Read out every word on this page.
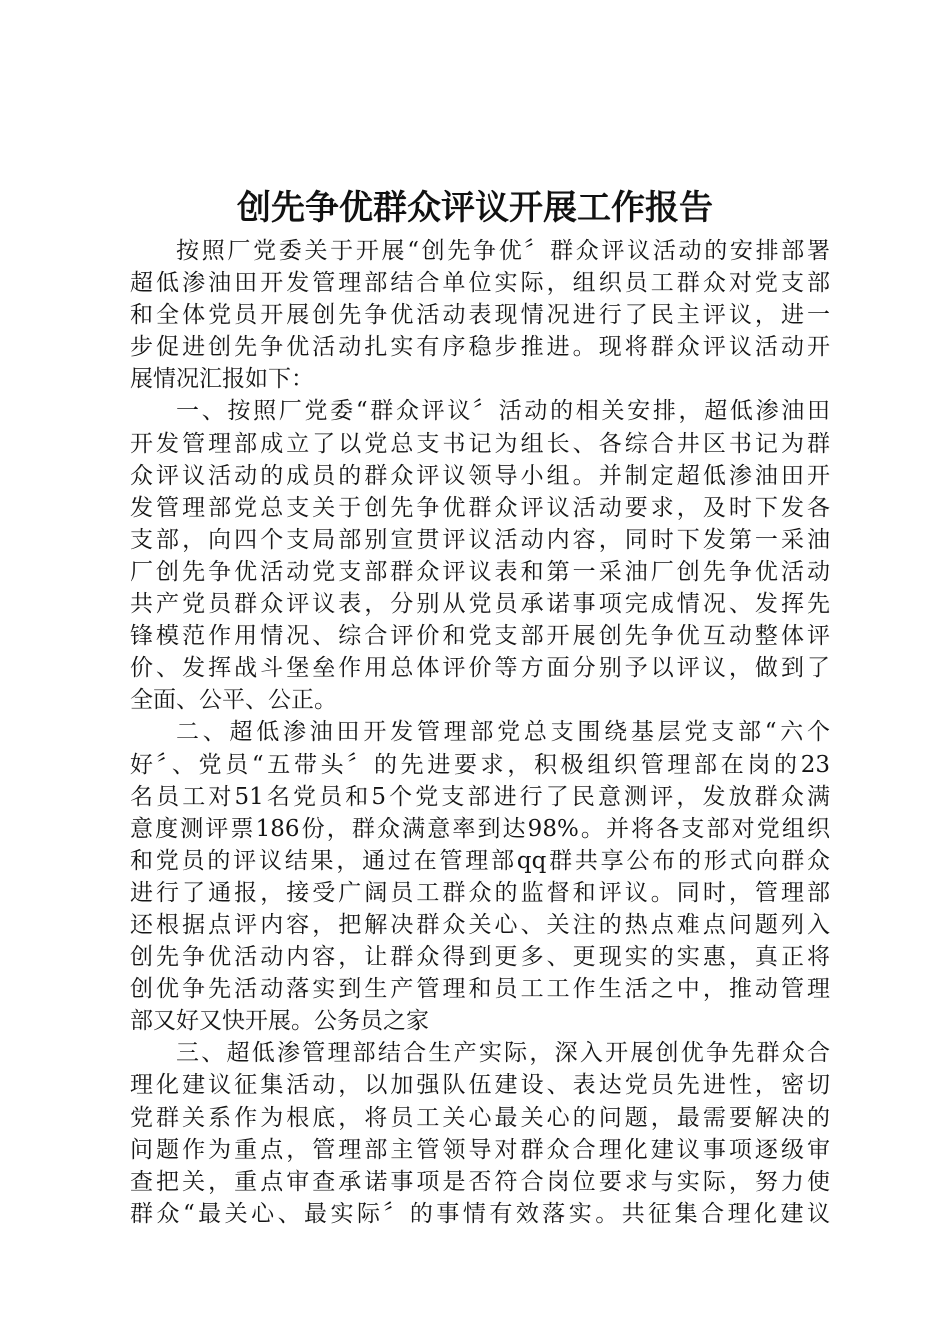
创先争优群众评议开展工作报告
按照厂党委关于开展“创先争优〞群众评议活动的安排部署
超低渗油田开发管理部结合单位实际，组织员工群众对党支部
和全体党员开展创先争优活动表现情况进行了民主评议，进一
步促进创先争优活动扎实有序稳步推进。现将群众评议活动开
展情况汇报如下：
一、按照厂党委“群众评议〞活动的相关安排，超低渗油田
开发管理部成立了以党总支书记为组长、各综合井区书记为群
众评议活动的成员的群众评议领导小组。并制定超低渗油田开
发管理部党总支关于创先争优群众评议活动要求，及时下发各
支部，向四个支局部别宣贯评议活动内容，同时下发第一采油
厂创先争优活动党支部群众评议表和第一采油厂创先争优活动
共产党员群众评议表，分别从党员承诺事项完成情况、发挥先
锋模范作用情况、综合评价和党支部开展创先争优互动整体评
价、发挥战斗堡垒作用总体评价等方面分别予以评议，做到了
全面、公平、公正。
二、超低渗油田开发管理部党总支围绕基层党支部“六个
好〞、党员“五带头〞的先进要求，积极组织管理部在岗的23
名员工对51名党员和5个党支部进行了民意测评，发放群众满
意度测评票186份，群众满意率到达98%。并将各支部对党组织
和党员的评议结果，通过在管理部qq群共享公布的形式向群众
进行了通报，接受广阔员工群众的监督和评议。同时，管理部
还根据点评内容，把解决群众关心、关注的热点难点问题列入
创先争优活动内容，让群众得到更多、更现实的实惠，真正将
创优争先活动落实到生产管理和员工工作生活之中，推动管理
部又好又快开展。公务员之家
三、超低渗管理部结合生产实际，深入开展创优争先群众合
理化建议征集活动，以加强队伍建设、表达党员先进性，密切
党群关系作为根底，将员工关心最关心的问题，最需要解决的
问题作为重点，管理部主管领导对群众合理化建议事项逐级审
查把关，重点审查承诺事项是否符合岗位要求与实际，努力使
群众“最关心、最实际〞的事情有效落实。共征集合理化建议
